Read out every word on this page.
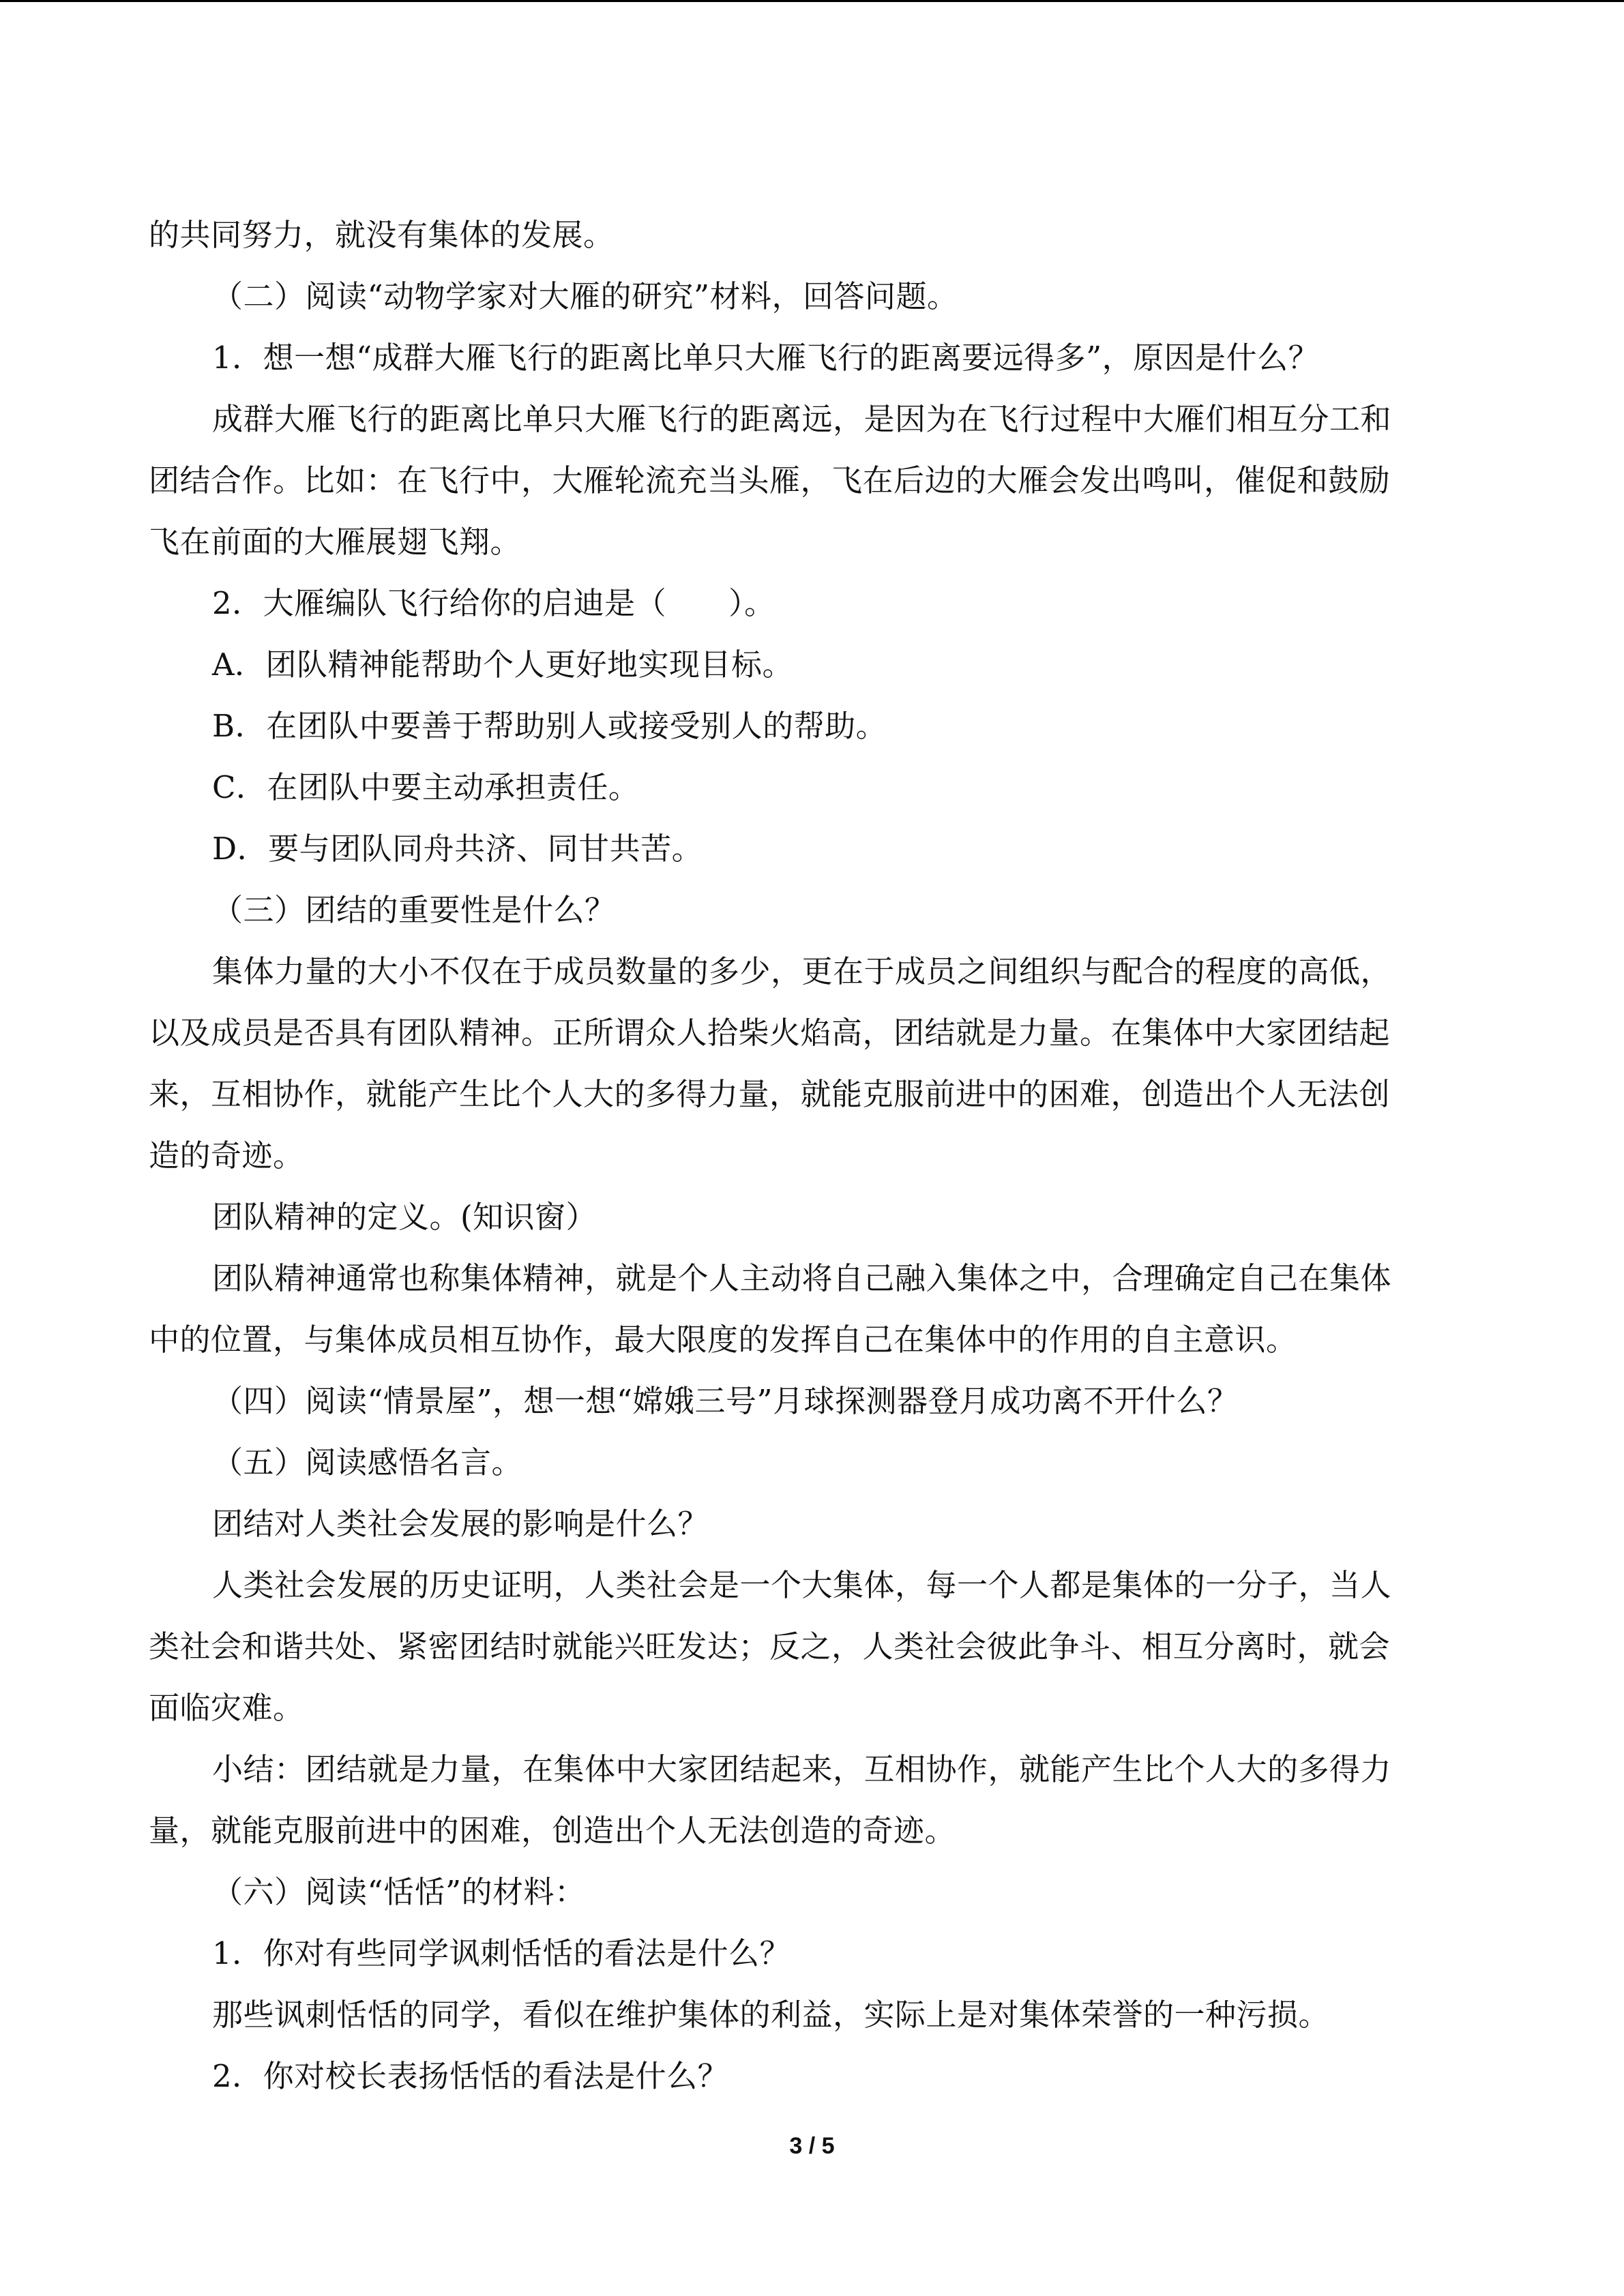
的共同努力，就没有集体的发展。
（二）阅读“动物学家对大雁的研究”材料，回答问题。
1．想一想“成群大雁飞行的距离比单只大雁飞行的距离要远得多”，原因是什么？
成群大雁飞行的距离比单只大雁飞行的距离远，是因为在飞行过程中大雁们相互分工和
团结合作。比如：在飞行中，大雁轮流充当头雁，飞在后边的大雁会发出鸣叫，催促和鼓励
飞在前面的大雁展翅飞翔。
2．大雁编队飞行给你的启迪是（　　）。
A．团队精神能帮助个人更好地实现目标。
B．在团队中要善于帮助别人或接受别人的帮助。
C．在团队中要主动承担责任。
D．要与团队同舟共济、同甘共苦。
（三）团结的重要性是什么？
集体力量的大小不仅在于成员数量的多少，更在于成员之间组织与配合的程度的高低，
以及成员是否具有团队精神。正所谓众人拾柴火焰高，团结就是力量。在集体中大家团结起
来，互相协作，就能产生比个人大的多得力量，就能克服前进中的困难，创造出个人无法创
造的奇迹。
团队精神的定义。(知识窗）
团队精神通常也称集体精神，就是个人主动将自己融入集体之中，合理确定自己在集体
中的位置，与集体成员相互协作，最大限度的发挥自己在集体中的作用的自主意识。
（四）阅读“情景屋”，想一想“嫦娥三号”月球探测器登月成功离不开什么？
（五）阅读感悟名言。
团结对人类社会发展的影响是什么？
人类社会发展的历史证明，人类社会是一个大集体，每一个人都是集体的一分子，当人
类社会和谐共处、紧密团结时就能兴旺发达；反之，人类社会彼此争斗、相互分离时，就会
面临灾难。
小结：团结就是力量，在集体中大家团结起来，互相协作，就能产生比个人大的多得力
量，就能克服前进中的困难，创造出个人无法创造的奇迹。
（六）阅读“恬恬”的材料：
1．你对有些同学讽刺恬恬的看法是什么？
那些讽刺恬恬的同学，看似在维护集体的利益，实际上是对集体荣誉的一种污损。
2．你对校长表扬恬恬的看法是什么？
3 / 5
